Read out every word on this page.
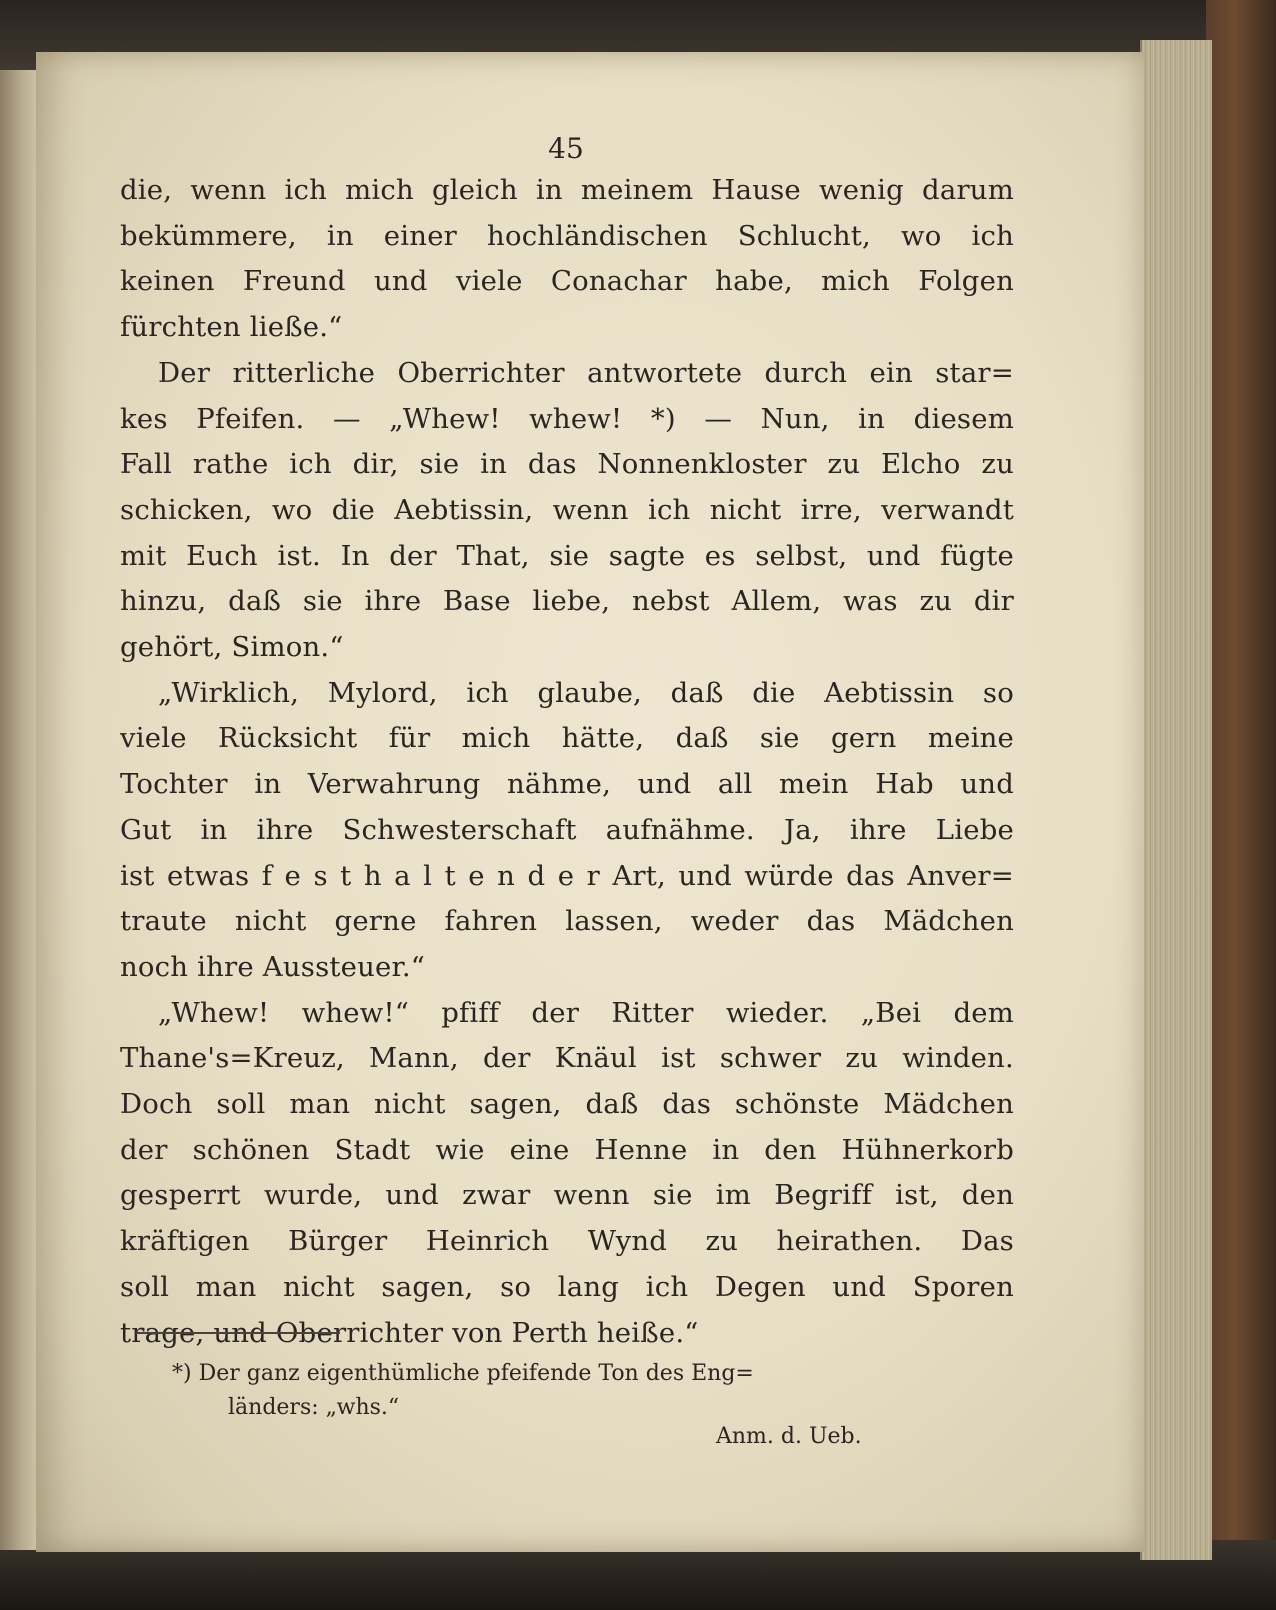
45
die, wenn ich mich gleich in meinem Hause wenig darum
bekümmere, in einer hochländischen Schlucht, wo ich
keinen Freund und viele Conachar habe, mich Folgen
fürchten ließe.“
Der ritterliche Oberrichter antwortete durch ein star=
kes Pfeifen. — „Whew! whew! *) — Nun, in diesem
Fall rathe ich dir, sie in das Nonnenkloster zu Elcho zu
schicken, wo die Aebtissin, wenn ich nicht irre, verwandt
mit Euch ist. In der That, sie sagte es selbst, und fügte
hinzu, daß sie ihre Base liebe, nebst Allem, was zu dir
gehört, Simon.“
„Wirklich, Mylord, ich glaube, daß die Aebtissin so
viele Rücksicht für mich hätte, daß sie gern meine
Tochter in Verwahrung nähme, und all mein Hab und
Gut in ihre Schwesterschaft aufnähme. Ja, ihre Liebe
ist etwas f e s t h a l t e n d e r Art, und würde das Anver=
traute nicht gerne fahren lassen, weder das Mädchen
noch ihre Aussteuer.“
„Whew! whew!“ pfiff der Ritter wieder. „Bei dem
Thane's=Kreuz, Mann, der Knäul ist schwer zu winden.
Doch soll man nicht sagen, daß das schönste Mädchen
der schönen Stadt wie eine Henne in den Hühnerkorb
gesperrt wurde, und zwar wenn sie im Begriff ist, den
kräftigen Bürger Heinrich Wynd zu heirathen. Das
soll man nicht sagen, so lang ich Degen und Sporen
trage, und Oberrichter von Perth heiße.“
*) Der ganz eigenthümliche pfeifende Ton des Eng=
länders: „whs.“
Anm. d. Ueb.
